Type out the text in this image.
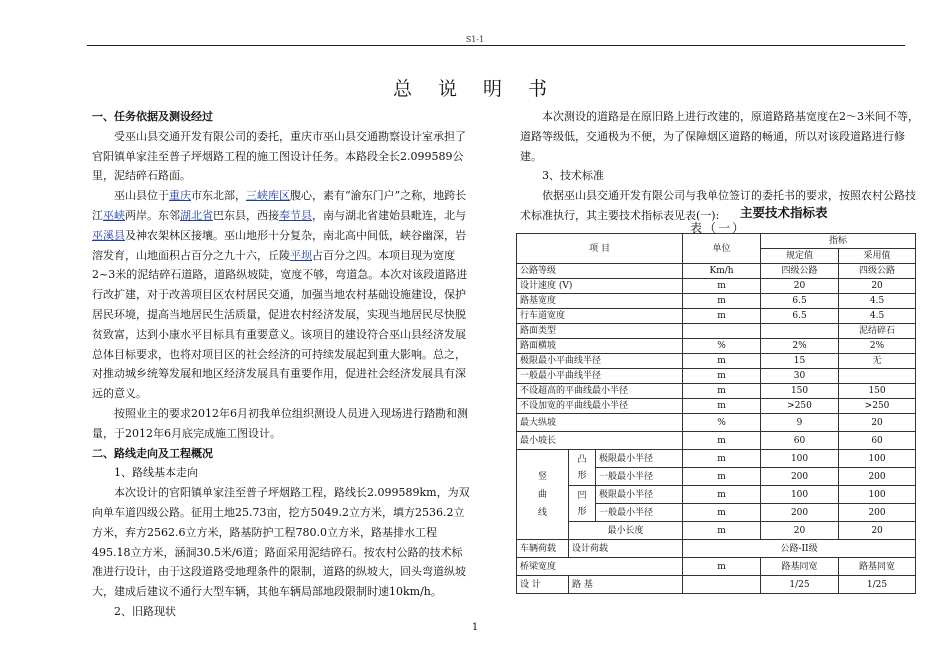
S1-1
总 说 明 书

一、任务依据及测设经过

受巫山县交通开发有限公司的委托，重庆市巫山县交通勘察设计室承担了官阳镇单家洼至普子坪烟路工程的施工图设计任务。本路段全长2.099589公里，泥结碎石路面。

巫山县位于重庆市东北部，三峡库区腹心，素有“渝东门户”之称，地跨长江巫峡两岸。东邻湖北省巴东县，西接奉节县，南与湖北省建始县毗连，北与巫溪县及神农架林区接壤。巫山地形十分复杂，南北高中间低，峡谷幽深，岩溶发育，山地面积占百分之九十六，丘陵平坝占百分之四。本项目现为宽度2~3米的泥结碎石道路，道路纵坡陡，宽度不够，弯道急。本次对该段道路进行改扩建，对于改善项目区农村居民交通，加强当地农村基础设施建设，保护居民环境，提高当地居民生活质量，促进农村经济发展，实现当地居民尽快脱贫致富，达到小康水平目标具有重要意义。该项目的建设符合巫山县经济发展总体目标要求，也将对项目区的社会经济的可持续发展起到重大影响。总之，对推动城乡统筹发展和地区经济发展具有重要作用，促进社会经济发展具有深远的意义。

按照业主的要求2012年6月初我单位组织测设人员进入现场进行踏勘和测量，于2012年6月底完成施工图设计。

二、路线走向及工程概况

1、路线基本走向

本次设计的官阳镇单家洼至普子坪烟路工程，路线长2.099589km，为双向单车道四级公路。征用土地25.73亩，挖方5049.2立方米，填方2536.2立方米，弃方2562.6立方米，路基防护工程780.0立方米，路基排水工程495.18立方米，涵洞30.5米/6道；路面采用泥结碎石。按农村公路的技术标准进行设计，由于这段道路受地理条件的限制，道路的纵坡大，回头弯道纵坡大，建成后建议不通行大型车辆，其他车辆局部地段限制时速10km/h。

2、旧路现状

本次测设的道路是在原旧路上进行改建的，原道路路基宽度在2～3米间不等，道路等级低，交通极为不便，为了保障烟区道路的畅通，所以对该段道路进行修建。

3、技术标准

依据巫山县交通开发有限公司与我单位签订的委托书的要求，按照农村公路技术标准执行，其主要技术指标表见表(一):	主要技术指标表
表（一）
项 目			单位	指标	
				规定值	采用值
公路等级			Km/h	四级公路	四级公路
设计速度 (V)			m	20	20
路基宽度			m	6.5	4.5
行车道宽度			m	6.5	4.5
路面类型					泥结碎石
路面横坡			%	2%	2%
极限最小平曲线半径			m	15	无
一般最小平曲线半径			m	30	
不设超高的平曲线最小半径			m	150	150
不设加宽的平曲线最小半径			m	>250	>250
最大纵坡			%	9	20
最小坡长			m	60	60
竖曲线	凸形	极限最小半径	m	100	100
		一般最小半径	m	200	200
	凹形	极限最小半径	m	100	100
		一般最小半径	m	200	200
	最小长度		m	20	20
车辆荷载	设计荷载		公路-II级		
桥梁宽度			m	路基同宽	路基同宽
设 计	路 基			1/25	1/25
1
